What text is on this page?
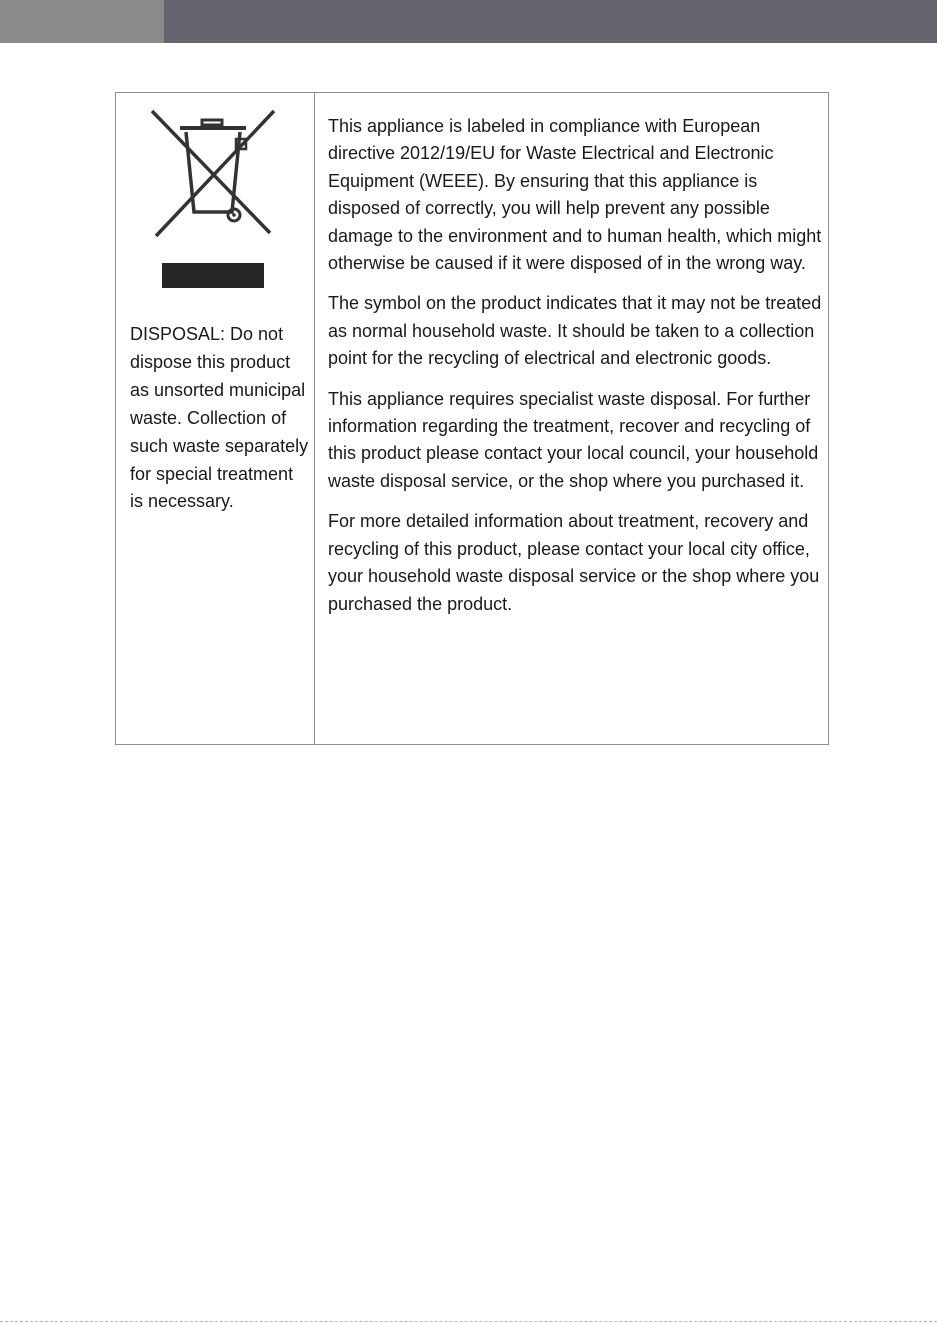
DISPOSAL: Do not dispose this product as unsorted municipal waste. Collection of such waste separately for special treatment is necessary.

This appliance is labeled in compliance with European directive 2012/19/EU for Waste Electrical and Electronic Equipment (WEEE). By ensuring that this appliance is disposed of correctly, you will help prevent any possible damage to the environment and to human health, which might otherwise be caused if it were disposed of in the wrong way.

The symbol on the product indicates that it may not be treated as normal household waste. It should be taken to a collection point for the recycling of electrical and electronic goods.

This appliance requires specialist waste disposal. For further information regarding the treatment, recover and recycling of this product please contact your local council, your household waste disposal service, or the shop where you purchased it.

For more detailed information about treatment, recovery and recycling of this product, please contact your local city office, your household waste disposal service or the shop where you purchased the product.
